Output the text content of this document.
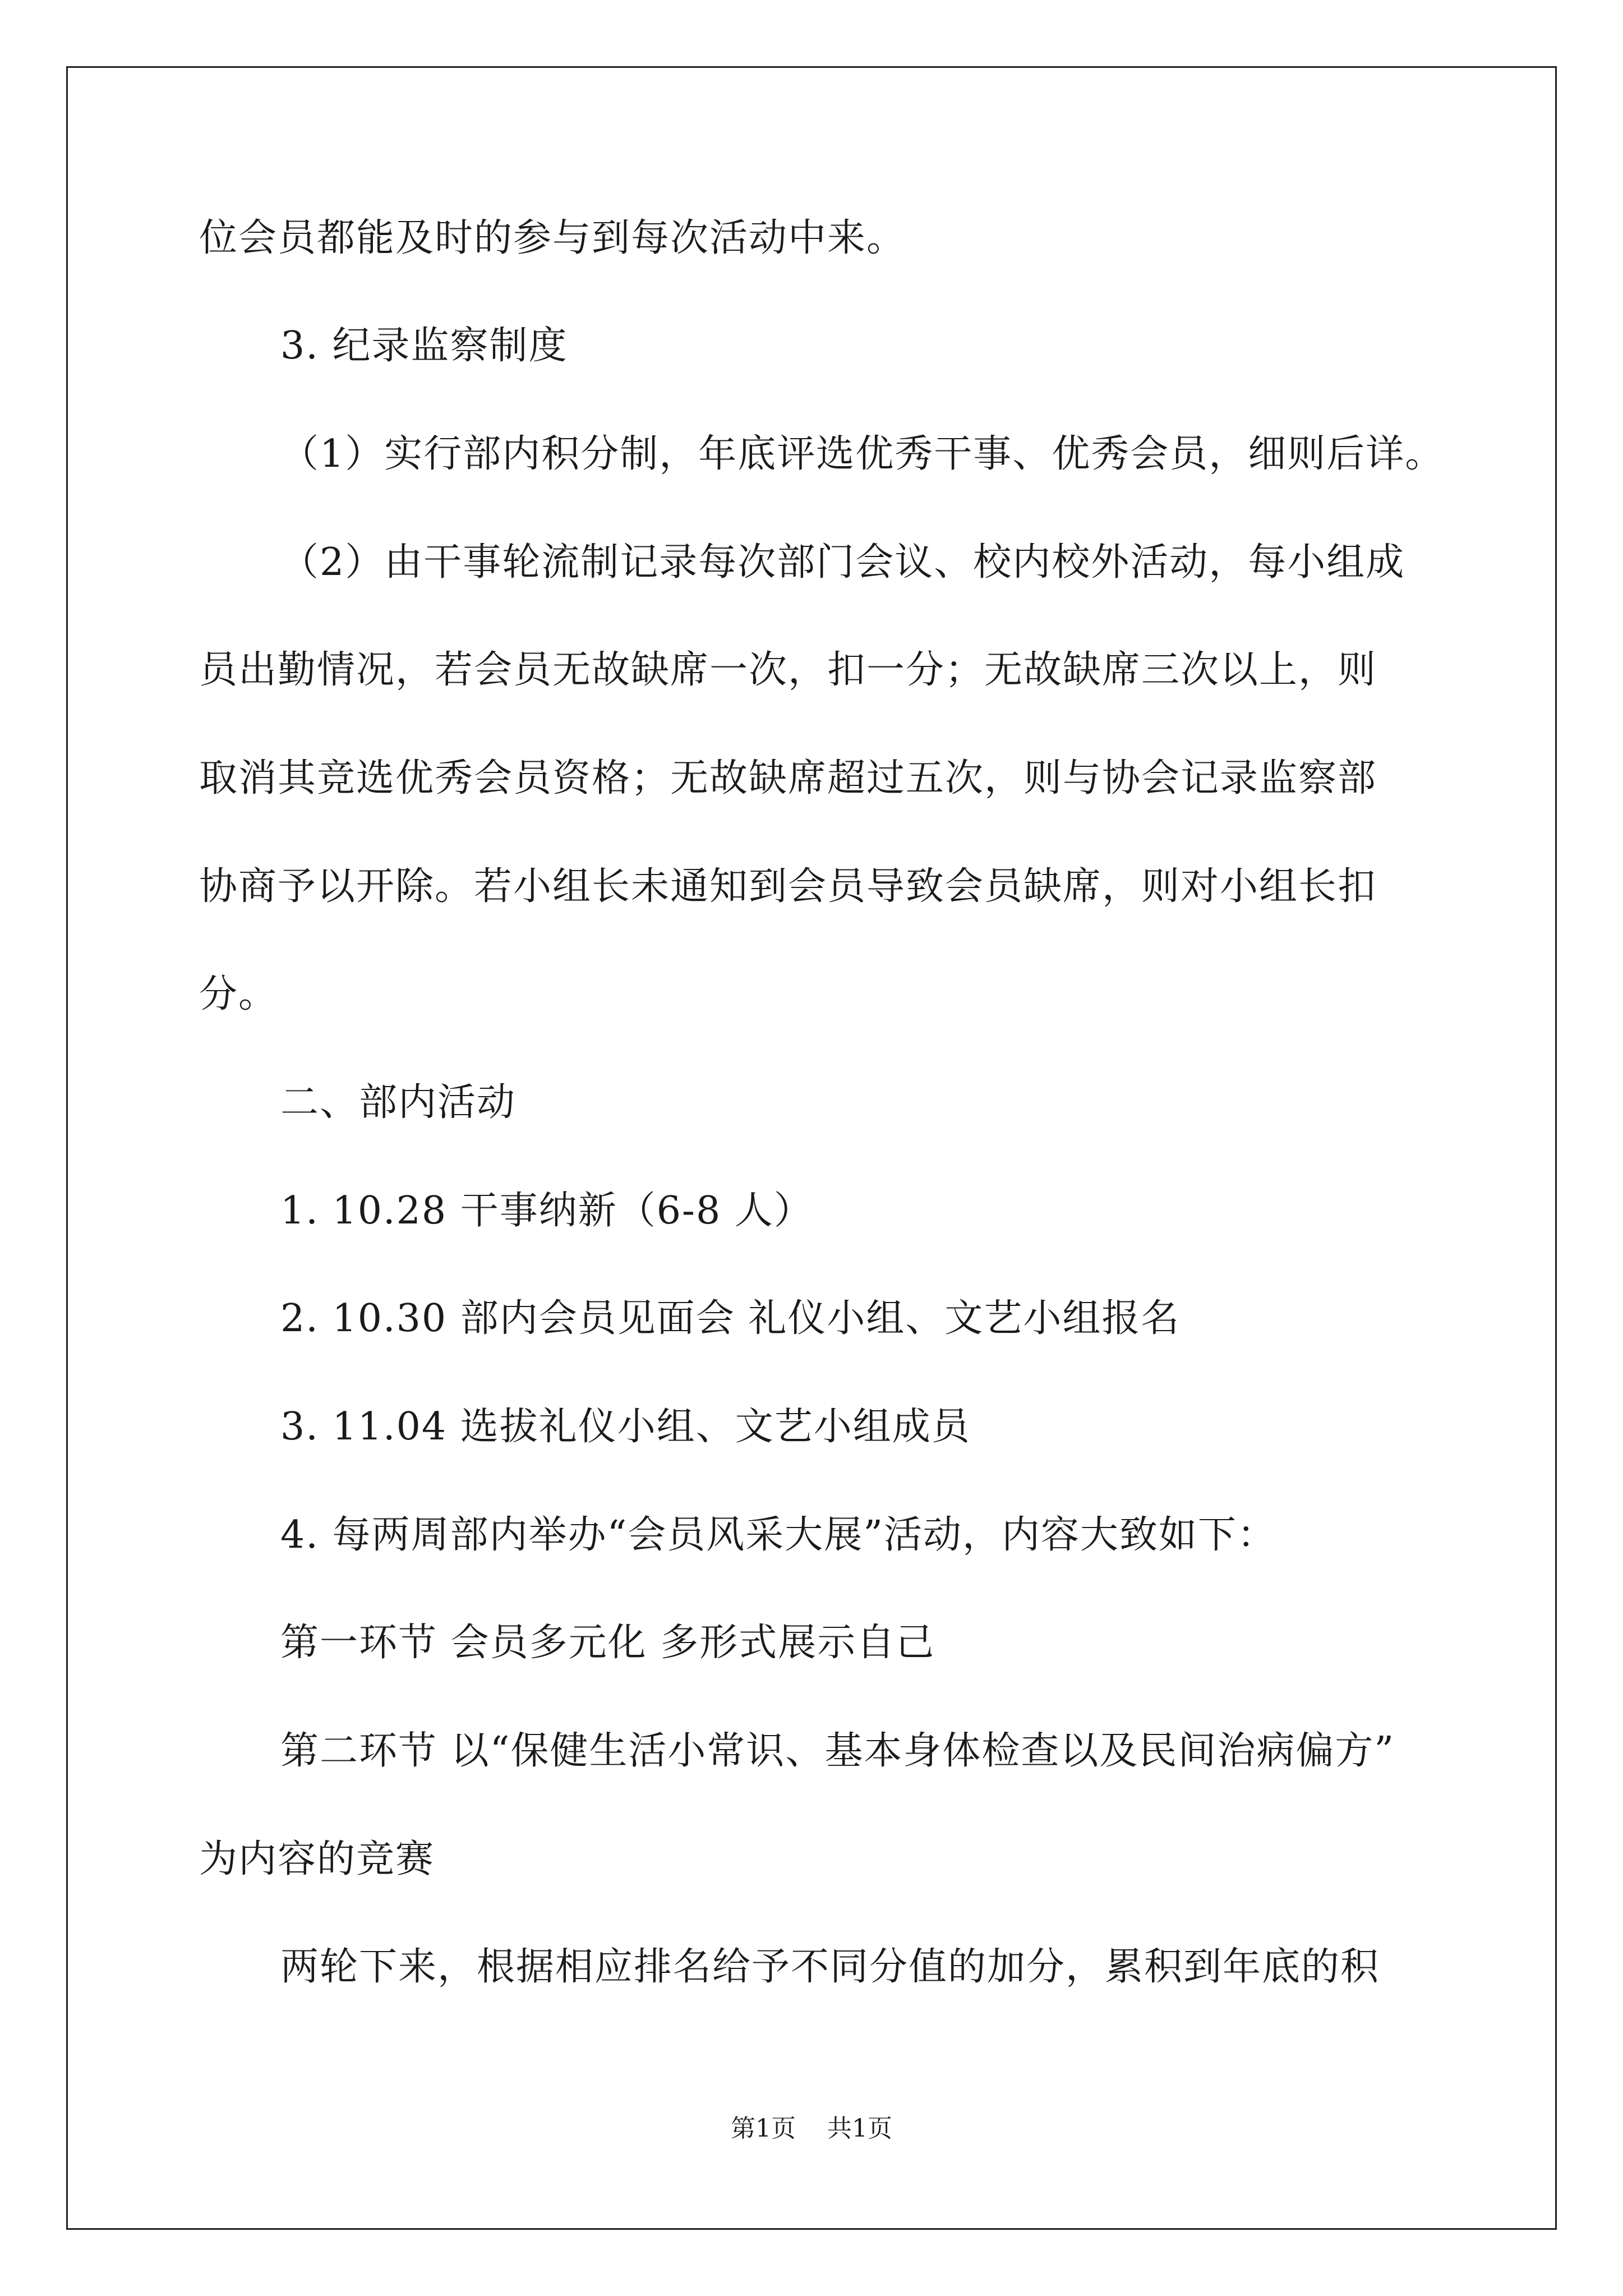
位会员都能及时的参与到每次活动中来。
3. 纪录监察制度
（1）实行部内积分制，年底评选优秀干事、优秀会员，细则后详。
（2）由干事轮流制记录每次部门会议、校内校外活动，每小组成
员出勤情况，若会员无故缺席一次，扣一分；无故缺席三次以上，则
取消其竞选优秀会员资格；无故缺席超过五次，则与协会记录监察部
协商予以开除。若小组长未通知到会员导致会员缺席，则对小组长扣
分。
二、部内活动
1. 10.28 干事纳新（6-8 人）
2. 10.30 部内会员见面会 礼仪小组、文艺小组报名
3. 11.04 选拔礼仪小组、文艺小组成员
4. 每两周部内举办“会员风采大展”活动，内容大致如下：
第一环节 会员多元化 多形式展示自己
第二环节 以“保健生活小常识、基本身体检查以及民间治病偏方”
为内容的竞赛
两轮下来，根据相应排名给予不同分值的加分，累积到年底的积
第1页 共1页
